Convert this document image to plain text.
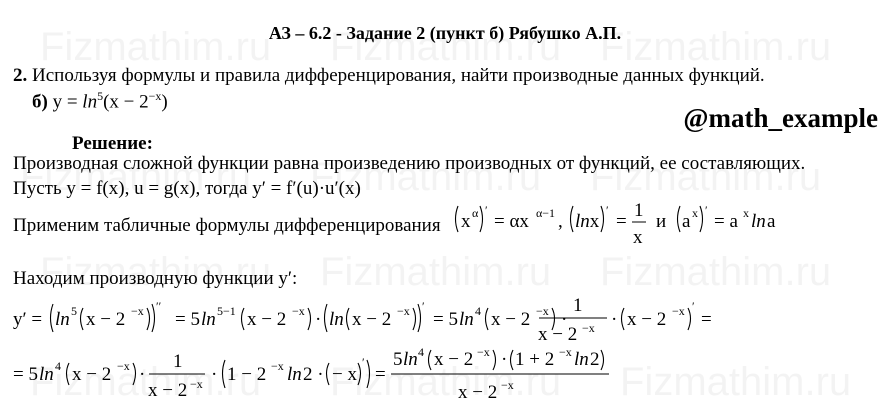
АЗ – 6.2 - Задание 2 (пункт б) Рябушко А.П.
2. Используя формулы и правила дифференцирования, найти производные данных функций.
б) $y = \ln^5(x - 2^{-x})$
@math_example
Решение:
Производная сложной функции равна произведению производных от функций, ее составляющих.
Пусть y = f(x), u = g(x), тогда y′ = f′(u)·u′(x)
Применим табличные формулы дифференцирования x α ′
= αx α−1 , lnx
′
=
1
x
и a x ′
= a x ln a
Находим производную функции y′:
y′ = ln 5 x − 2 −x ′′
= 5 ln 5−1 x − 2 −x · ln x − 2 −x ′
= 5 ln 4 x − 2 −x ·
1
x − 2 −x · x − 2 −x ′
=
= 5 ln 4 x − 2 −x ·
1
x − 2 −x · 1 − 2 −x ln 2 · − x
′
=
5 ln 4 x − 2 −x · 1 + 2 −x ln 2
x − 2 −x
